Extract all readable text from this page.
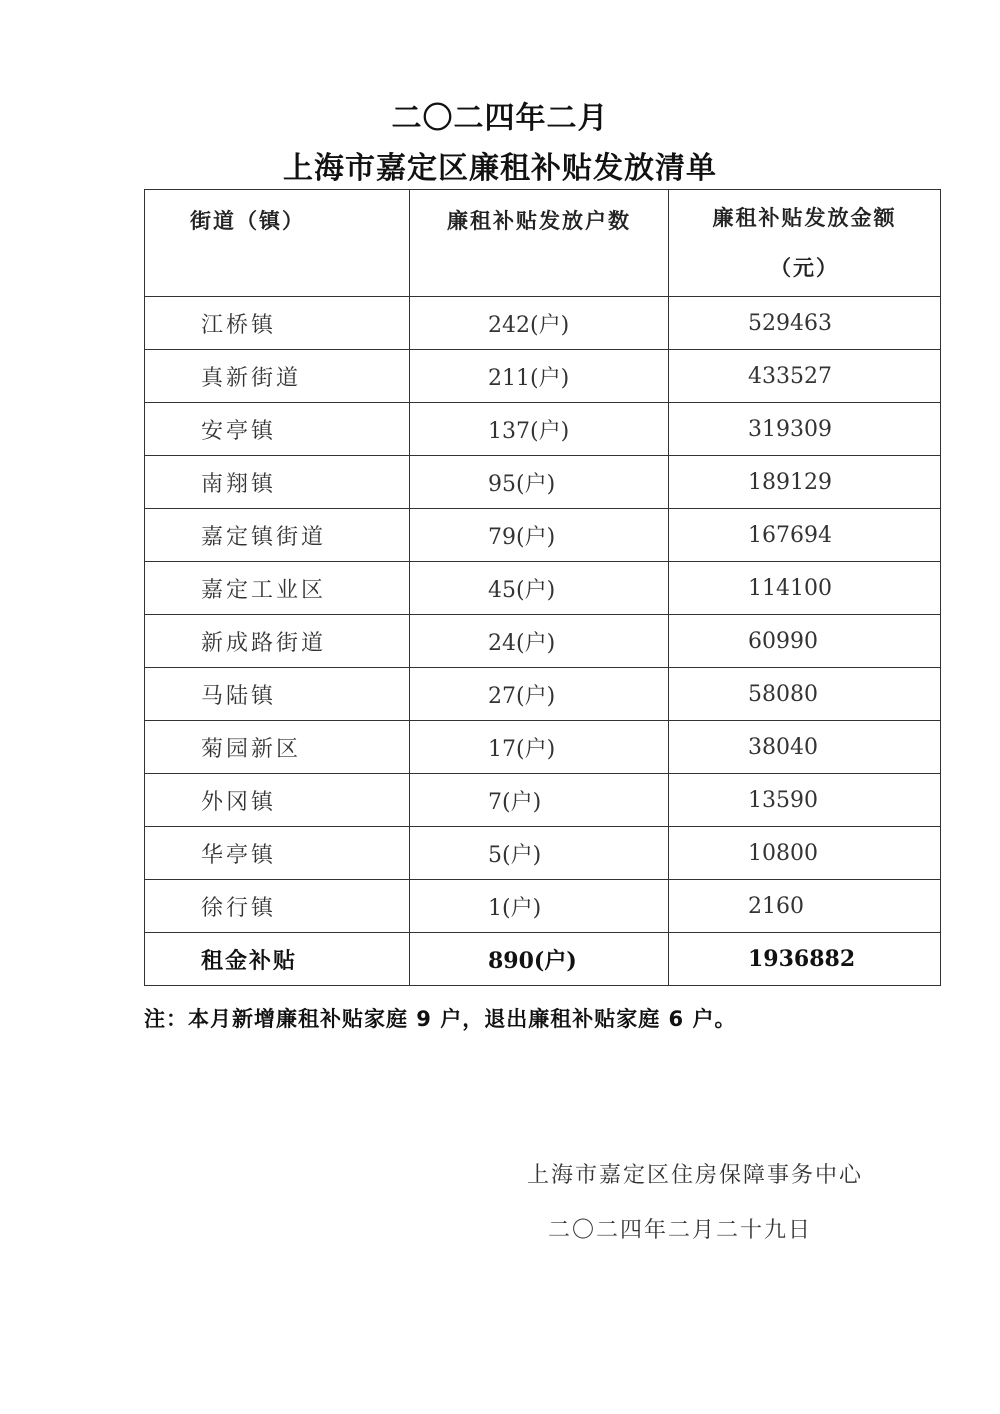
二〇二四年二月
上海市嘉定区廉租补贴发放清单
街道（镇）	廉租补贴发放户数	廉租补贴发放金额（元）

江桥镇	242(户)	529463
真新街道	211(户)	433527
安亭镇	137(户)	319309
南翔镇	95(户)	189129
嘉定镇街道	79(户)	167694
嘉定工业区	45(户)	114100
新成路街道	24(户)	60990
马陆镇	27(户)	58080
菊园新区	17(户)	38040
外冈镇	7(户)	13590
华亭镇	5(户)	10800
徐行镇	1(户)	2160
租金补贴	890(户)	1936882
注：本月新增廉租补贴家庭 9 户，退出廉租补贴家庭 6 户。
上海市嘉定区住房保障事务中心
二〇二四年二月二十九日
